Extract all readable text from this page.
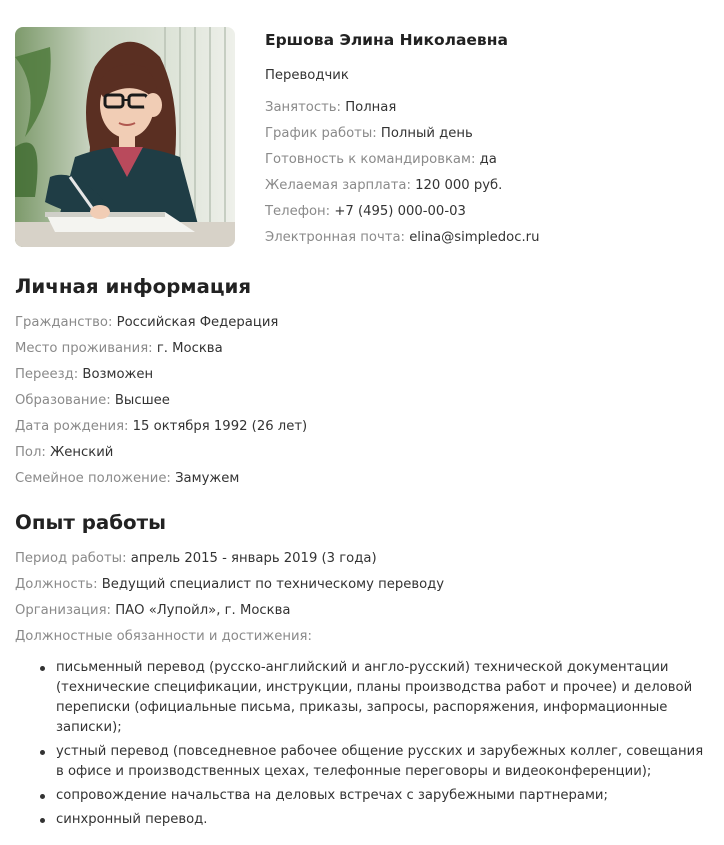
Ершова Элина Николаевна
Переводчик
Занятость: Полная
График работы: Полный день
Готовность к командировкам: да
Желаемая зарплата: 120 000 руб.
Телефон: +7 (495) 000-00-03
Электронная почта: elina@simpledoc.ru
Личная информация
Гражданство: Российская Федерация
Место проживания: г. Москва
Переезд: Возможен
Образование: Высшее
Дата рождения: 15 октября 1992 (26 лет)
Пол: Женский
Семейное положение: Замужем
Опыт работы
Период работы: апрель 2015 - январь 2019 (3 года)
Должность: Ведущий специалист по техническому переводу
Организация: ПАО «Лупойл», г. Москва
Должностные обязанности и достижения:
письменный перевод (русско-английский и англо-русский) технической документации (технические спецификации, инструкции, планы производства работ и прочее) и деловой переписки (официальные письма, приказы, запросы, распоряжения, информационные записки);
устный перевод (повседневное рабочее общение русских и зарубежных коллег, совещания в офисе и производственных цехах, телефонные переговоры и видеоконференции);
сопровождение начальства на деловых встречах с зарубежными партнерами;
синхронный перевод.
